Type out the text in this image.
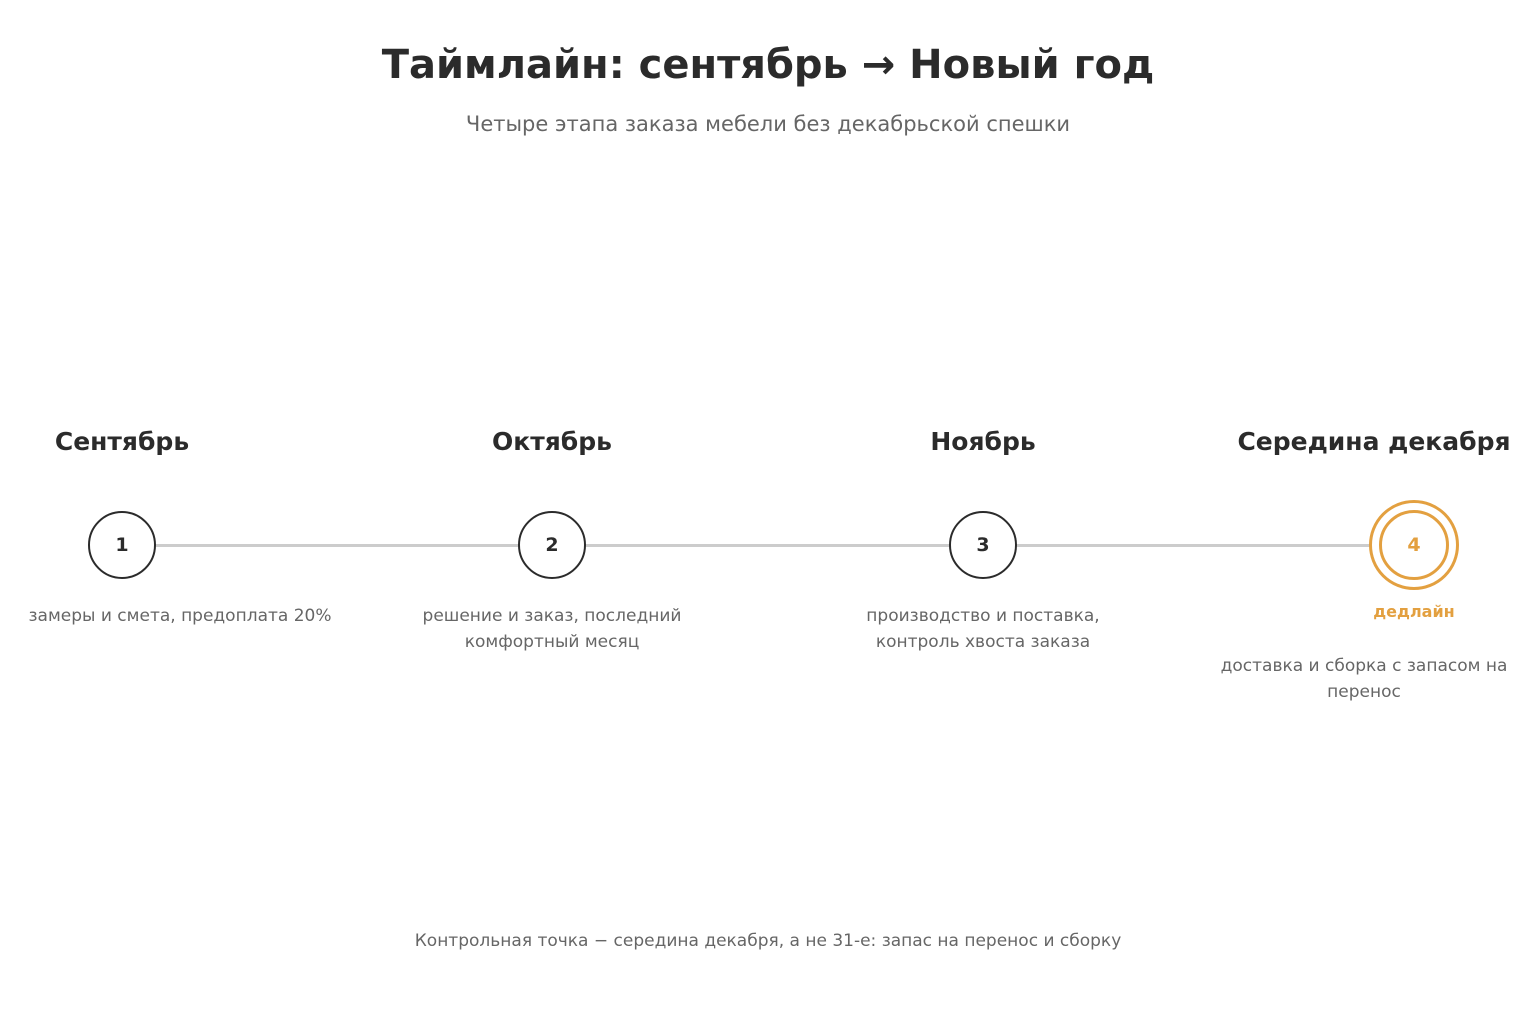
Таймлайн: сентябрь → Новый год
Четыре этапа заказа мебели без декабрьской спешки
Сентябрь
1
замеры и смета, предоплата 20%
Октябрь
2
решение и заказ, последний комфортный месяц
Ноябрь
3
производство и поставка, контроль хвоста заказа
Середина декабря
4
дедлайн
доставка и сборка с запасом на перенос
Контрольная точка − середина декабря, а не 31-е: запас на перенос и сборку
